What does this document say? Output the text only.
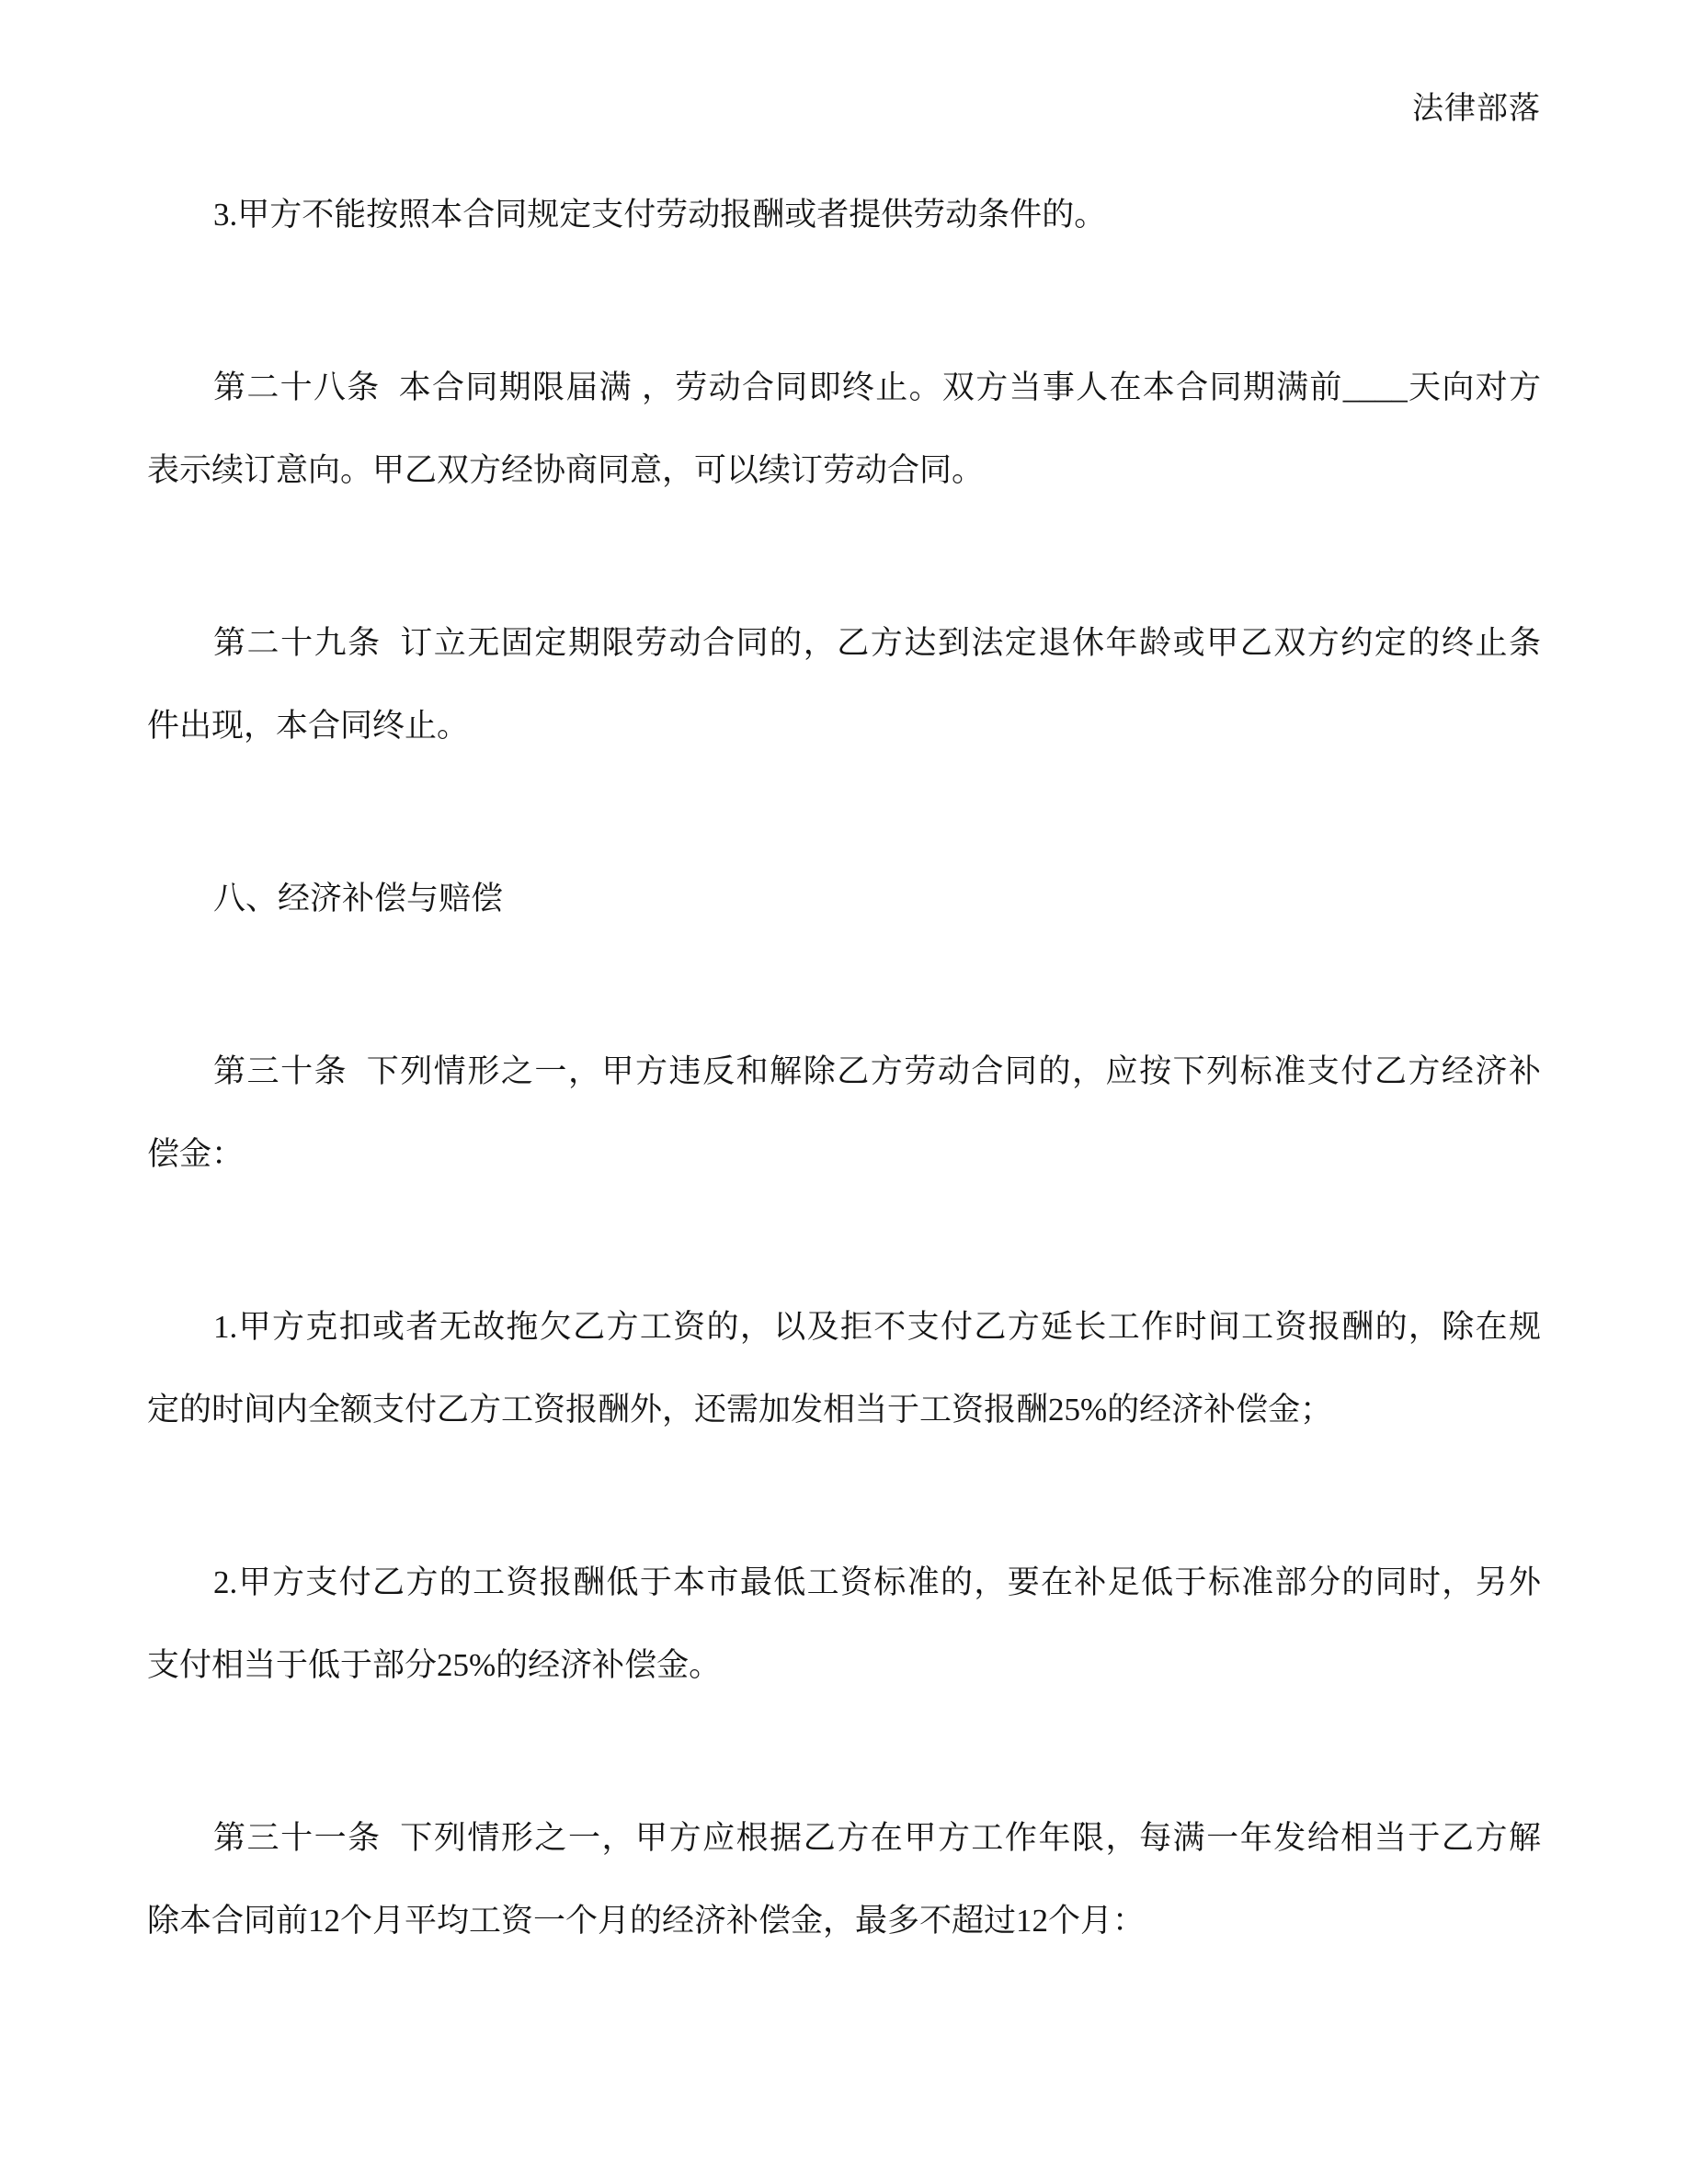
法律部落
3.甲方不能按照本合同规定支付劳动报酬或者提供劳动条件的。
第二十八条  本合同期限届满 ，劳动合同即终止。双方当事人在本合同期满前____天向对方
表示续订意向。甲乙双方经协商同意，可以续订劳动合同。
第二十九条  订立无固定期限劳动合同的，乙方达到法定退休年龄或甲乙双方约定的终止条
件出现，本合同终止。
八、经济补偿与赔偿
第三十条  下列情形之一，甲方违反和解除乙方劳动合同的，应按下列标准支付乙方经济补
偿金：
1.甲方克扣或者无故拖欠乙方工资的，以及拒不支付乙方延长工作时间工资报酬的，除在规
定的时间内全额支付乙方工资报酬外，还需加发相当于工资报酬25%的经济补偿金；
2.甲方支付乙方的工资报酬低于本市最低工资标准的，要在补足低于标准部分的同时，另外
支付相当于低于部分25%的经济补偿金。
第三十一条  下列情形之一，甲方应根据乙方在甲方工作年限，每满一年发给相当于乙方解
除本合同前12个月平均工资一个月的经济补偿金，最多不超过12个月：
